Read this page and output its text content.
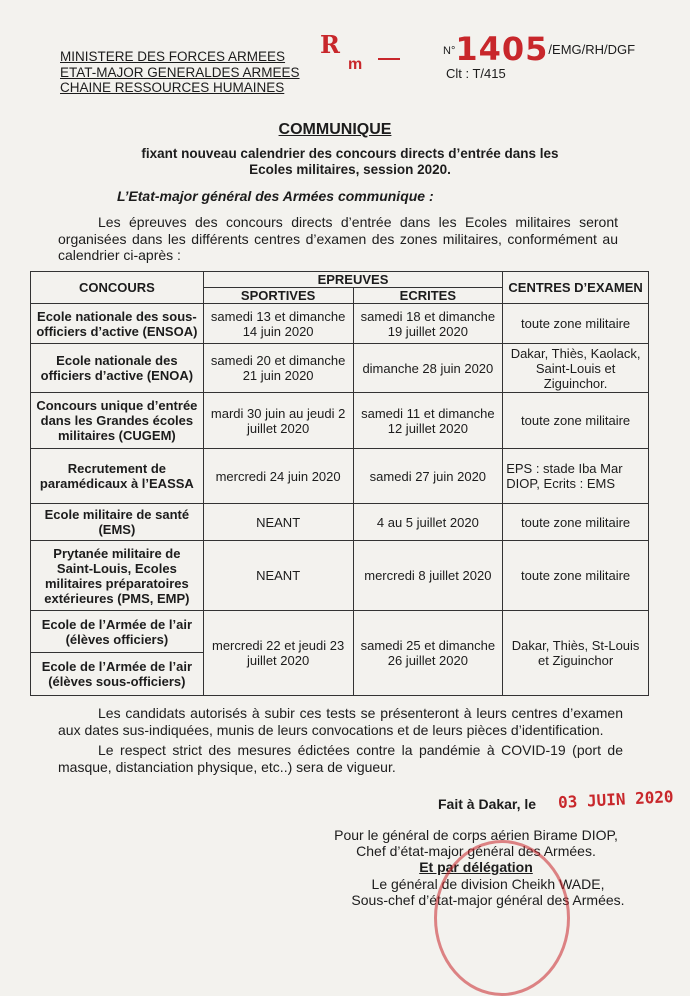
MINISTERE DES FORCES ARMEES
ETAT-MAJOR GENERALDES ARMEES
CHAINE RESSOURCES HUMAINES
R
m
N°1405/EMG/RH/DGF
Clt : T/415
COMMUNIQUE
fixant nouveau calendrier des concours directs d’entrée dans les Ecoles militaires, session 2020.
L’Etat-major général des Armées communique :
Les épreuves des concours directs d’entrée dans les Ecoles militaires seront organisées dans les différents centres d’examen des zones militaires, conformément au calendrier ci-après :
CONCOURS	EPREUVES		CENTRES D’EXAMEN
	SPORTIVES	ECRITES	
Ecole nationale des sous-officiers d’active (ENSOA)	samedi 13 et dimanche 14 juin 2020	samedi 18 et dimanche 19 juillet 2020	toute zone militaire
Ecole nationale des officiers d’active (ENOA)	samedi 20 et dimanche 21 juin 2020	dimanche 28 juin 2020	Dakar, Thiès, Kaolack, Saint-Louis et Ziguinchor.
Concours unique d’entrée dans les Grandes écoles militaires (CUGEM)	mardi 30 juin au jeudi 2 juillet 2020	samedi 11 et dimanche 12 juillet 2020	toute zone militaire
Recrutement de paramédicaux à l’EASSA	mercredi 24 juin 2020	samedi 27 juin 2020	EPS : stade Iba Mar DIOP, Ecrits : EMS
Ecole militaire de santé (EMS)	NEANT	4 au 5 juillet 2020	toute zone militaire
Prytanée militaire de Saint-Louis, Ecoles militaires préparatoires extérieures (PMS, EMP)	NEANT	mercredi 8 juillet 2020	toute zone militaire
Ecole de l’Armée de l’air (élèves officiers)	mercredi 22 et jeudi 23 juillet 2020	samedi 25 et dimanche 26 juillet 2020	Dakar, Thiès, St-Louis et Ziguinchor
Ecole de l’Armée de l’air (élèves sous-officiers)			
Les candidats autorisés à subir ces tests se présenteront à leurs centres d’examen aux dates sus-indiquées, munis de leurs convocations et de leurs pièces d’identification.
Le respect strict des mesures édictées contre la pandémie à COVID-19 (port de masque, distanciation physique, etc..) sera de vigueur.
Fait à Dakar, le 03 JUIN 2020
Pour le général de corps aérien Birame DIOP,
Chef d’état-major général des Armées.
Et par délégation
Le général de division Cheikh WADE,
Sous-chef d’état-major général des Armées.
